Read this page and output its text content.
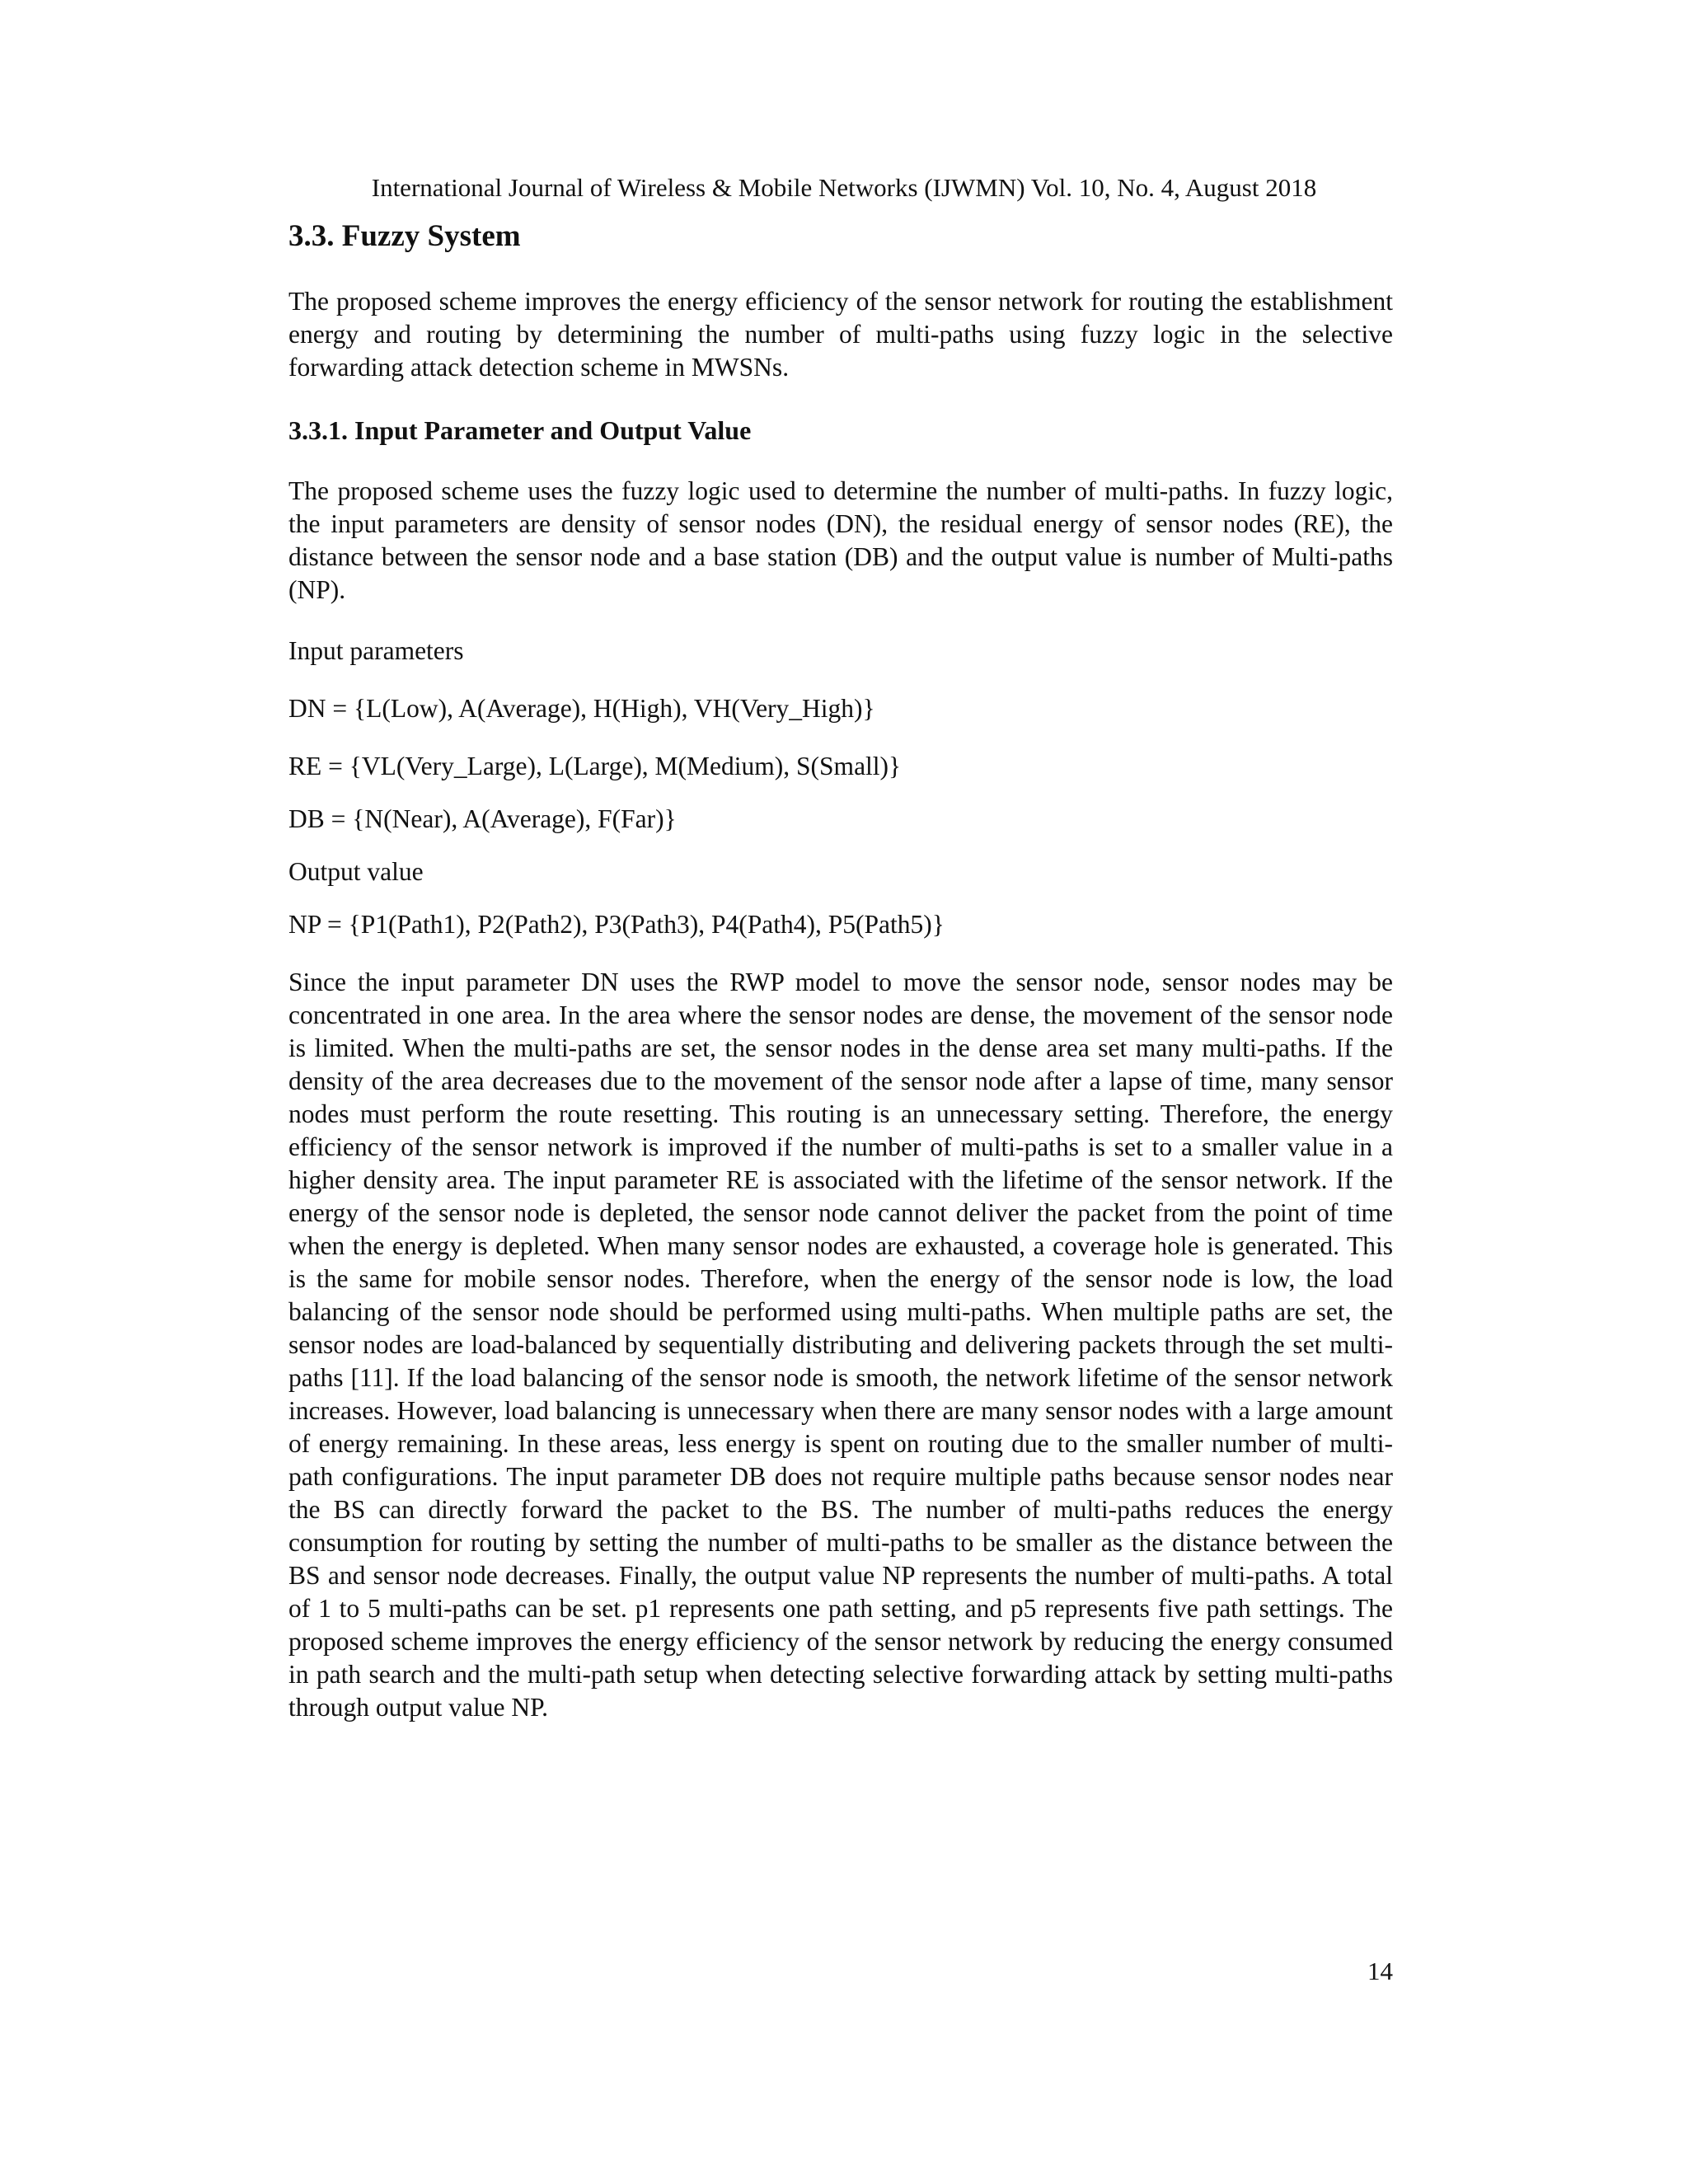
International Journal of Wireless & Mobile Networks (IJWMN) Vol. 10, No. 4, August 2018
3.3. Fuzzy System

The proposed scheme improves the energy efficiency of the sensor network for routing the establishment energy and routing by determining the number of multi-paths using fuzzy logic in the selective forwarding attack detection scheme in MWSNs.

3.3.1. Input Parameter and Output Value

The proposed scheme uses the fuzzy logic used to determine the number of multi-paths. In fuzzy logic, the input parameters are density of sensor nodes (DN), the residual energy of sensor nodes (RE), the distance between the sensor node and a base station (DB) and the output value is number of Multi-paths (NP).

Input parameters

DN = {L(Low), A(Average), H(High), VH(Very_High)}

RE = {VL(Very_Large), L(Large), M(Medium), S(Small)}

DB = {N(Near), A(Average), F(Far)}

Output value

NP = {P1(Path1), P2(Path2), P3(Path3), P4(Path4), P5(Path5)}

Since the input parameter DN uses the RWP model to move the sensor node, sensor nodes may be concentrated in one area. In the area where the sensor nodes are dense, the movement of the sensor node is limited. When the multi-paths are set, the sensor nodes in the dense area set many multi-paths. If the density of the area decreases due to the movement of the sensor node after a lapse of time, many sensor nodes must perform the route resetting. This routing is an unnecessary setting. Therefore, the energy efficiency of the sensor network is improved if the number of multi-paths is set to a smaller value in a higher density area. The input parameter RE is associated with the lifetime of the sensor network. If the energy of the sensor node is depleted, the sensor node cannot deliver the packet from the point of time when the energy is depleted. When many sensor nodes are exhausted, a coverage hole is generated. This is the same for mobile sensor nodes. Therefore, when the energy of the sensor node is low, the load balancing of the sensor node should be performed using multi-paths. When multiple paths are set, the sensor nodes are load-balanced by sequentially distributing and delivering packets through the set multi-paths [11]. If the load balancing of the sensor node is smooth, the network lifetime of the sensor network increases. However, load balancing is unnecessary when there are many sensor nodes with a large amount of energy remaining. In these areas, less energy is spent on routing due to the smaller number of multi-path configurations. The input parameter DB does not require multiple paths because sensor nodes near the BS can directly forward the packet to the BS. The number of multi-paths reduces the energy consumption for routing by setting the number of multi-paths to be smaller as the distance between the BS and sensor node decreases. Finally, the output value NP represents the number of multi-paths. A total of 1 to 5 multi-paths can be set. p1 represents one path setting, and p5 represents five path settings. The proposed scheme improves the energy efficiency of the sensor network by reducing the energy consumed in path search and the multi-path setup when detecting selective forwarding attack by setting multi-paths through output value NP.

14
